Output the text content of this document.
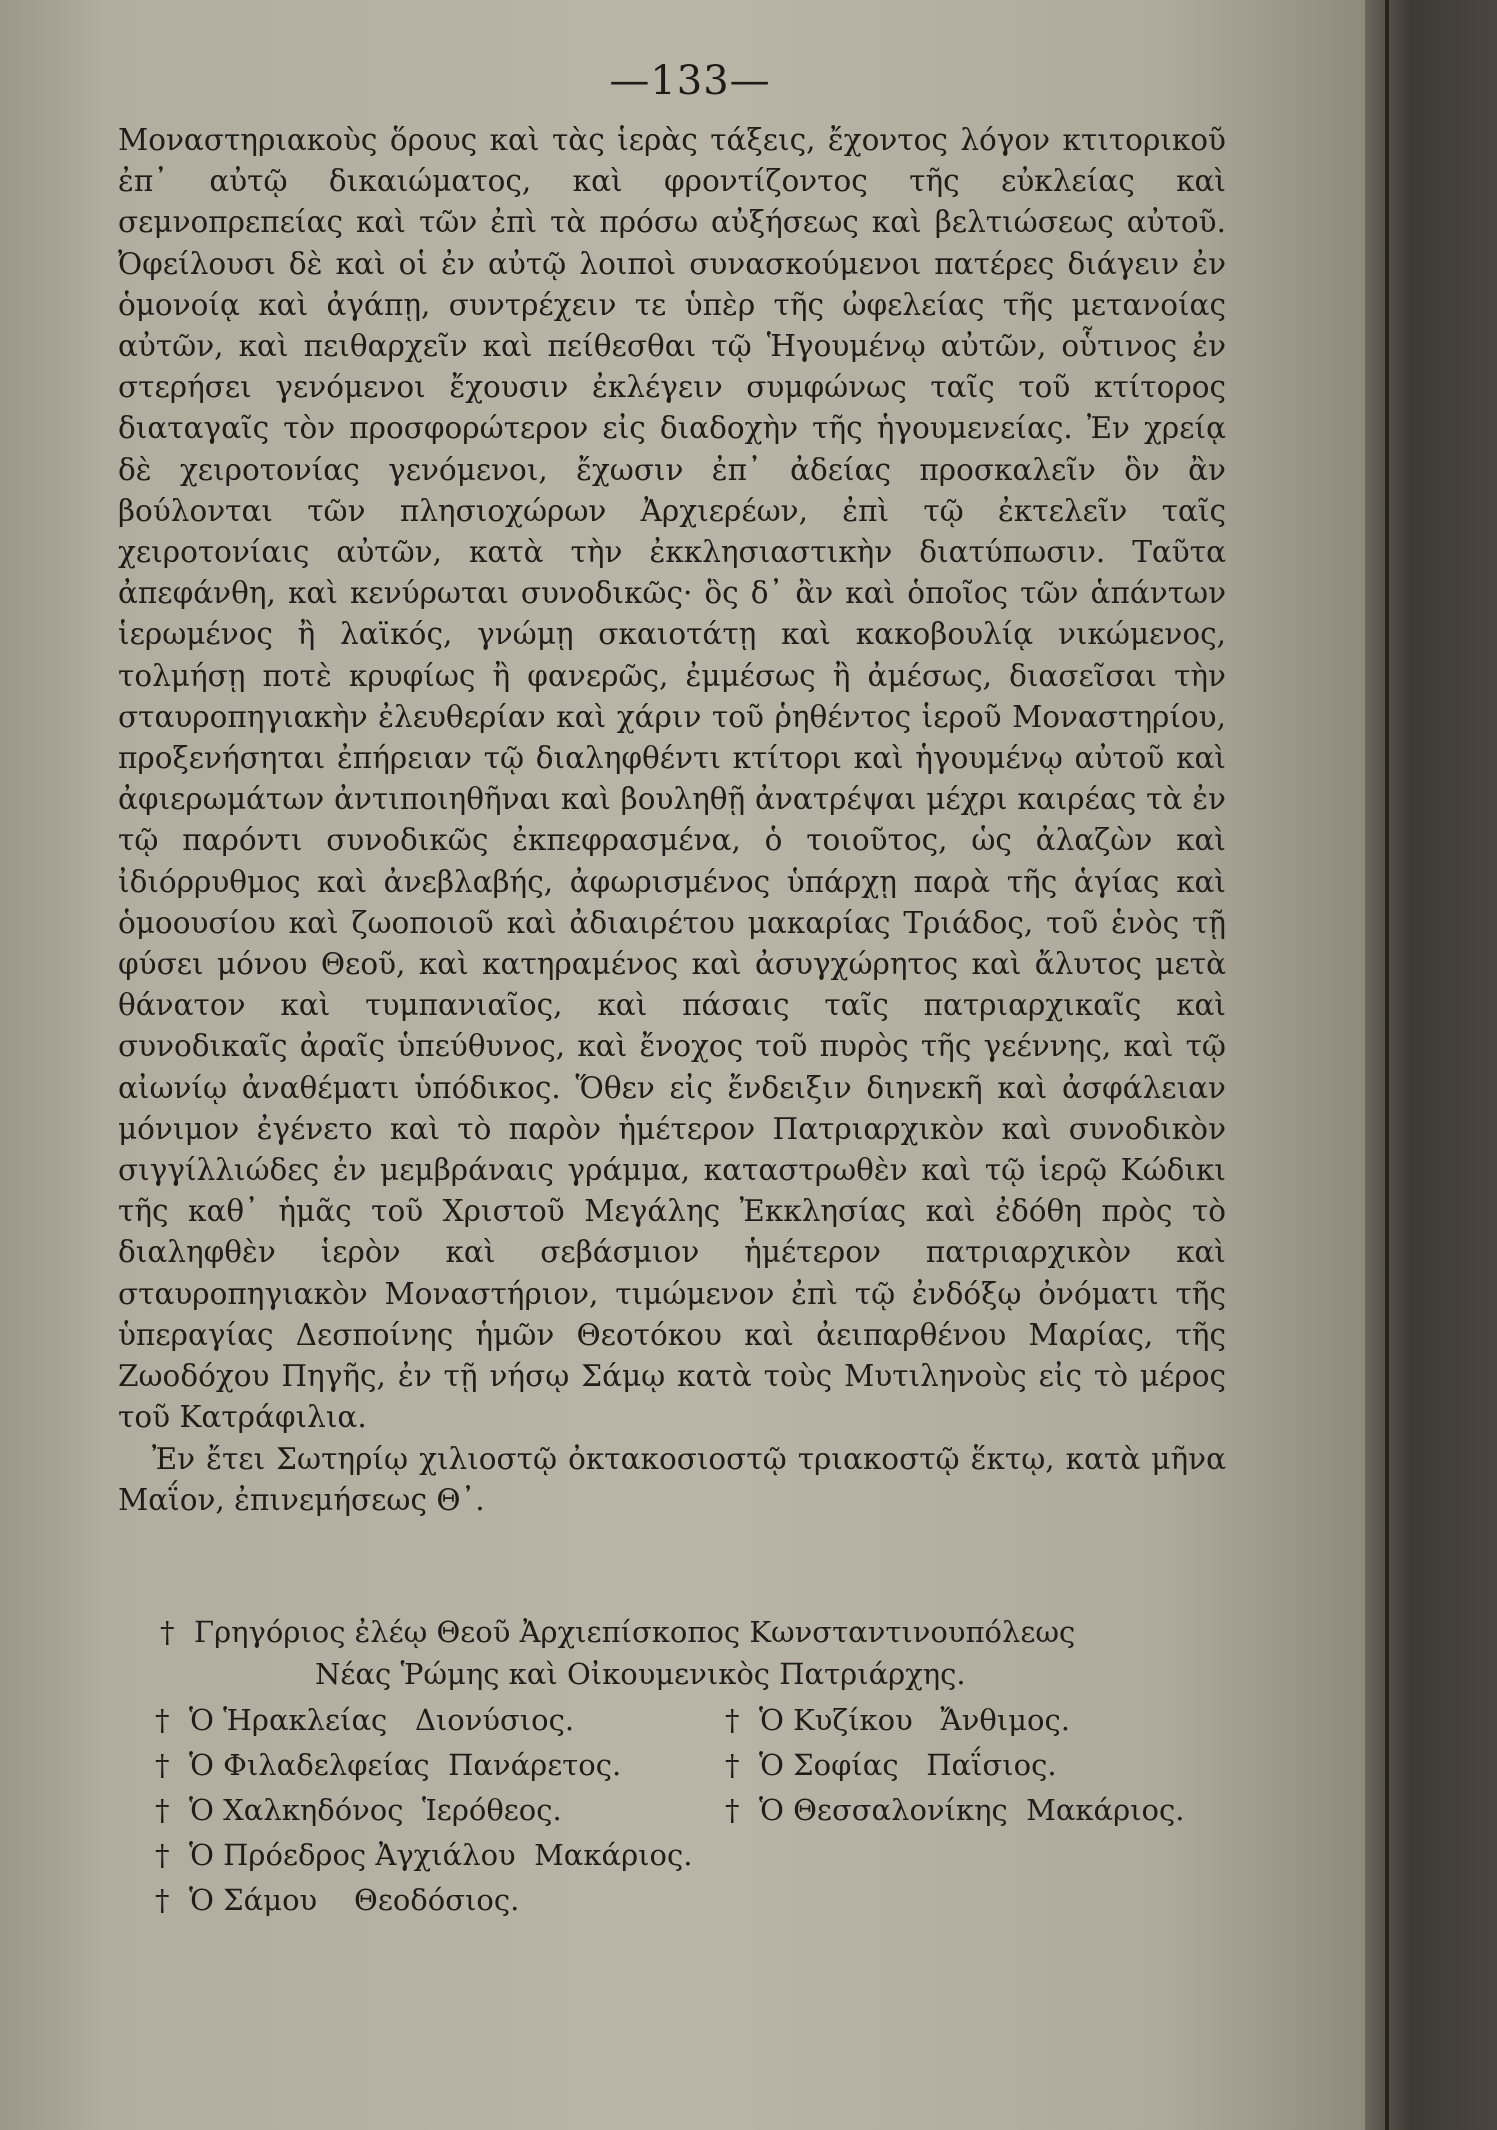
—133—

Μοναστηριακοὺς ὅρους καὶ τὰς ἱερὰς τάξεις, ἔχοντος λόγον κτιτορικοῦ ἐπ᾽ αὐτῷ δικαιώματος, καὶ φροντίζοντος τῆς εὐκλείας καὶ σεμνοπρεπείας καὶ τῶν ἐπὶ τὰ πρόσω αὐξήσεως καὶ βελτιώσεως αὐτοῦ. Ὀφείλουσι δὲ καὶ οἱ ἐν αὐτῷ λοιποὶ συνασκούμενοι πατέρες διάγειν ἐν ὁμονοίᾳ καὶ ἀγάπῃ, συντρέχειν τε ὑπὲρ τῆς ὠφελείας τῆς μετανοίας αὐτῶν, καὶ πειθαρχεῖν καὶ πείθεσθαι τῷ Ἡγουμένῳ αὐτῶν, οὗτινος ἐν στερήσει γενόμενοι ἔχουσιν ἐκλέγειν συμφώνως ταῖς τοῦ κτίτορος διαταγαῖς τὸν προσφορώτερον εἰς διαδοχὴν τῆς ἡγουμενείας. Ἐν χρείᾳ δὲ χειροτονίας γενόμενοι, ἔχωσιν ἐπ᾽ ἀδείας προσκαλεῖν ὃν ἂν βούλονται τῶν πλησιοχώρων Ἀρχιερέων, ἐπὶ τῷ ἐκτελεῖν ταῖς χειροτονίαις αὐτῶν, κατὰ τὴν ἐκκλησιαστικὴν διατύπωσιν. Ταῦτα ἀπεφάνθη, καὶ κενύρωται συνοδικῶς· ὃς δ᾽ ἂν καὶ ὁποῖος τῶν ἁπάντων ἱερωμένος ἢ λαϊκός, γνώμῃ σκαιοτάτῃ καὶ κακοβουλίᾳ νικώμενος, τολμήσῃ ποτὲ κρυφίως ἢ φανερῶς, ἐμμέσως ἢ ἀμέσως, διασεῖσαι τὴν σταυροπηγιακὴν ἐλευθερίαν καὶ χάριν τοῦ ῥηθέντος ἱεροῦ Μοναστηρίου, προξενήσηται ἐπήρειαν τῷ διαληφθέντι κτίτορι καὶ ἡγουμένῳ αὐτοῦ καὶ ἀφιερωμάτων ἀντιποιηθῆναι καὶ βουληθῇ ἀνατρέψαι μέχρι καιρέας τὰ ἐν τῷ παρόντι συνοδικῶς ἐκπεφρασμένα, ὁ τοιοῦτος, ὡς ἀλαζὼν καὶ ἰδιόρρυθμος καὶ ἀνεβλαβής, ἀφωρισμένος ὑπάρχῃ παρὰ τῆς ἁγίας καὶ ὁμοουσίου καὶ ζωοποιοῦ καὶ ἀδιαιρέτου μακαρίας Τριάδος, τοῦ ἑνὸς τῇ φύσει μόνου Θεοῦ, καὶ κατηραμένος καὶ ἀσυγχώρητος καὶ ἄλυτος μετὰ θάνατον καὶ τυμπανιαῖος, καὶ πάσαις ταῖς πατριαρχικαῖς καὶ συνοδικαῖς ἀραῖς ὑπεύθυνος, καὶ ἔνοχος τοῦ πυρὸς τῆς γεέννης, καὶ τῷ αἰωνίῳ ἀναθέματι ὑπόδικος. Ὅθεν εἰς ἔνδειξιν διηνεκῆ καὶ ἀσφάλειαν μόνιμον ἐγένετο καὶ τὸ παρὸν ἡμέτερον Πατριαρχικὸν καὶ συνοδικὸν σιγγίλλιώδες ἐν μεμβράναις γράμμα, καταστρωθὲν καὶ τῷ ἱερῷ Κώδικι τῆς καθ᾽ ἡμᾶς τοῦ Χριστοῦ Μεγάλης Ἐκκλησίας καὶ ἐδόθη πρὸς τὸ διαληφθὲν ἱερὸν καὶ σεβάσμιον ἡμέτερον πατριαρχικὸν καὶ σταυροπηγιακὸν Μοναστήριον, τιμώμενον ἐπὶ τῷ ἐνδόξῳ ὀνόματι τῆς ὑπεραγίας Δεσποίνης ἡμῶν Θεοτόκου καὶ ἀειπαρθένου Μαρίας, τῆς Ζωοδόχου Πηγῆς, ἐν τῇ νήσῳ Σάμῳ κατὰ τοὺς Μυτιληνοὺς εἰς τὸ μέρος τοῦ Κατράφιλια.

Ἐν ἔτει Σωτηρίῳ χιλιοστῷ ὀκτακοσιοστῷ τριακοστῷ ἕκτῳ, κατὰ μῆνα Μαΐον, ἐπινεμήσεως Θ᾽.

† Γρηγόριος ἐλέῳ Θεοῦ Ἀρχιεπίσκοπος Κωνσταντινουπόλεως
Νέας Ῥώμης καὶ Οἰκουμενικὸς Πατριάρχης.
† Ὁ Ἡρακλείας Διονύσιος.
† Ὁ Φιλαδελφείας Πανάρετος.
† Ὁ Χαλκηδόνος Ἱερόθεος.
† Ὁ Πρόεδρος Ἀγχιάλου Μακάριος.
† Ὁ Σάμου Θεοδόσιος.
† Ὁ Κυζίκου Ἄνθιμος.
† Ὁ Σοφίας Παΐσιος.
† Ὁ Θεσσαλονίκης Μακάριος.
